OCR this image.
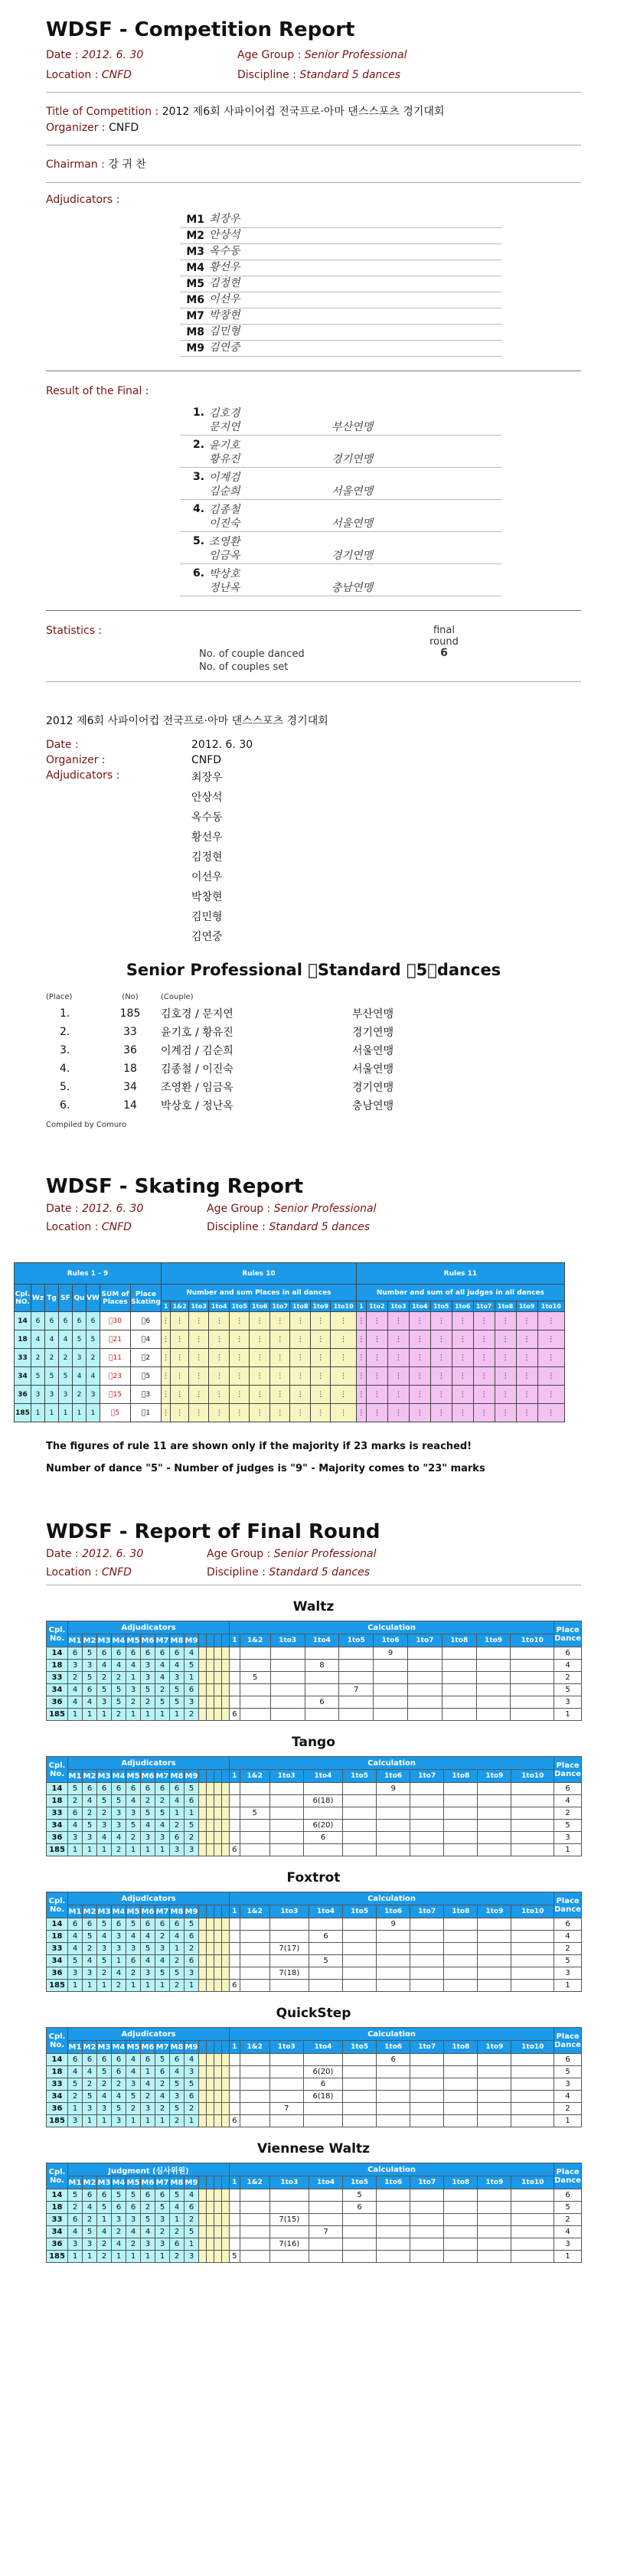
WDSF - Competition Report
Date : 2012. 6. 30	Age Group : Senior Professional
Location : CNFD	Discipline : Standard 5 dances
Title of Competition : 2012 제6회 사파이어컵 전국프로·아마 댄스스포츠 경기대회
Organizer : CNFD
Chairman : 강 귀 찬
Adjudicators :
M1 최장우
M2 안상석
M3 옥수동
M4 황선우
M5 김정현
M6 이선우
M7 박창현
M8 김민형
M9 김연중
Result of the Final :
1. 김호경
문지연	부산연맹
2. 윤기호
황유진	경기연맹
3. 이계검
김순희	서울연맹
4. 김종철
이진숙	서울연맹
5. 조영환
임금옥	경기연맹
6. 박상호
정난옥	충남연맹
Statistics :	final
round
No. of couple danced
No. of couples set
6
2012 제6회 사파이어컵 전국프로·아마 댄스스포츠 경기대회
Date :	2012. 6. 30
Organizer :	CNFD
Adjudicators :	최장우
안상석
옥수동
황선우
김정현
이선우
박창현
김민형
김연중
Senior Professional  Standard  5 dances
(Place)	(No)	(Couple)
1.	185	김호경 / 문지연	부산연맹
2.	33	윤기호 / 황유진	경기연맹
3.	36	이계검 / 김순희	서울연맹
4.	18	김종철 / 이진숙	서울연맹
5.	34	조영환 / 임금옥	경기연맹
6.	14	박상호 / 정난옥	충남연맹
Compiled by Comuro
WDSF - Skating Report
Date : 2012. 6. 30	Age Group : Senior Professional
Location : CNFD	Discipline : Standard 5 dances
Rules 1 - 9								Rules 10										Rules 11									
Cpl. NO.	Wz	Tg	SF	Qu	VW	SUM of Places	Place Skating	Number and sum Places in all dances										Number and sum of all judges in all dances									
								1	1&2	1to3	1to4	1to5	1to6	1to7	1to8	1to9	1to10	1	1to2	1to3	1to4	1to5	1to6	1to7	1to8	1to9	1to10
14	6	6	6	6	6	 30	 6	⋮	⋮	⋮	⋮	⋮	⋮	⋮	⋮	⋮	⋮	⋮	⋮	⋮	⋮	⋮	⋮	⋮	⋮	⋮	⋮
18	4	4	4	5	5	 21	 4	⋮	⋮	⋮	⋮	⋮	⋮	⋮	⋮	⋮	⋮	⋮	⋮	⋮	⋮	⋮	⋮	⋮	⋮	⋮	⋮
33	2	2	2	3	2	 11	 2	⋮	⋮	⋮	⋮	⋮	⋮	⋮	⋮	⋮	⋮	⋮	⋮	⋮	⋮	⋮	⋮	⋮	⋮	⋮	⋮
34	5	5	5	4	4	 23	 5	⋮	⋮	⋮	⋮	⋮	⋮	⋮	⋮	⋮	⋮	⋮	⋮	⋮	⋮	⋮	⋮	⋮	⋮	⋮	⋮
36	3	3	3	2	3	 15	 3	⋮	⋮	⋮	⋮	⋮	⋮	⋮	⋮	⋮	⋮	⋮	⋮	⋮	⋮	⋮	⋮	⋮	⋮	⋮	⋮
185	1	1	1	1	1	 5	 1	⋮	⋮	⋮	⋮	⋮	⋮	⋮	⋮	⋮	⋮	⋮	⋮	⋮	⋮	⋮	⋮	⋮	⋮	⋮	⋮
The figures of rule 11 are shown only if the majority if 23 marks is reached!
Number of dance "5" - Number of judges is "9" - Majority comes to "23" marks
WDSF - Report of Final Round
Date : 2012. 6. 30	Age Group : Senior Professional
Location : CNFD	Discipline : Standard 5 dances
Waltz
Cpl. No.	Adjudicators													Calculation										Place Dance
	M1	M2	M3	M4	M5	M6	M7	M8	M9					1	1&2	1to3	1to4	1to5	1to6	1to7	1to8	1to9	1to10	
14	6	5	6	6	6	6	6	6	4										9					6
18	3	3	4	4	4	3	4	4	5								8							4
33	2	5	2	2	1	3	4	3	1						5									2
34	4	6	5	5	3	5	2	5	6									7						5
36	4	4	3	5	2	2	5	5	3								6							3
185	1	1	1	2	1	1	1	1	2					6										1
Tango
Cpl. No.	Adjudicators													Calculation										Place Dance
	M1	M2	M3	M4	M5	M6	M7	M8	M9					1	1&2	1to3	1to4	1to5	1to6	1to7	1to8	1to9	1to10	
14	5	6	6	6	6	6	6	6	5										9					6
18	2	4	5	5	4	2	2	4	6								6(18)							4
33	6	2	2	3	3	5	5	1	1						5									2
34	4	5	3	3	5	4	4	2	5								6(20)							5
36	3	3	4	4	2	3	3	6	2								6							3
185	1	1	1	2	1	1	1	3	3					6										1
Foxtrot
Cpl. No.	Adjudicators													Calculation										Place Dance
	M1	M2	M3	M4	M5	M6	M7	M8	M9					1	1&2	1to3	1to4	1to5	1to6	1to7	1to8	1to9	1to10	
14	6	6	5	6	5	6	6	6	5										9					6
18	4	5	4	3	4	4	2	4	6								6							4
33	4	2	3	3	3	5	3	1	2							7(17)								2
34	5	4	5	1	6	4	4	2	6								5							5
36	3	3	2	4	2	3	5	5	3							7(18)								3
185	1	1	1	2	1	1	1	2	1					6										1
QuickStep
Cpl. No.	Adjudicators													Calculation										Place Dance
	M1	M2	M3	M4	M5	M6	M7	M8	M9					1	1&2	1to3	1to4	1to5	1to6	1to7	1to8	1to9	1to10	
14	6	6	6	6	4	6	5	6	4										6					6
18	4	4	5	6	4	1	6	4	3								6(20)							5
33	5	2	2	2	3	4	2	5	5								6							3
34	2	5	4	4	5	2	4	3	6								6(18)							4
36	1	3	3	5	2	3	2	5	2							7								2
185	3	1	1	3	1	1	1	2	1					6										1
Viennese Waltz
Cpl. No.	Judgment (심사위원)													Calculation										Place Dance
	M1	M2	M3	M4	M5	M6	M7	M8	M9					1	1&2	1to3	1to4	1to5	1to6	1to7	1to8	1to9	1to10	
14	5	6	6	5	5	6	6	5	4									5						6
18	2	4	5	6	6	2	5	4	6									6						5
33	6	2	1	3	3	5	3	1	2							7(15)								2
34	4	5	4	2	4	4	2	2	5								7							4
36	3	3	2	4	2	3	3	6	1							7(16)								3
185	1	1	2	1	1	1	1	2	3					5										1
